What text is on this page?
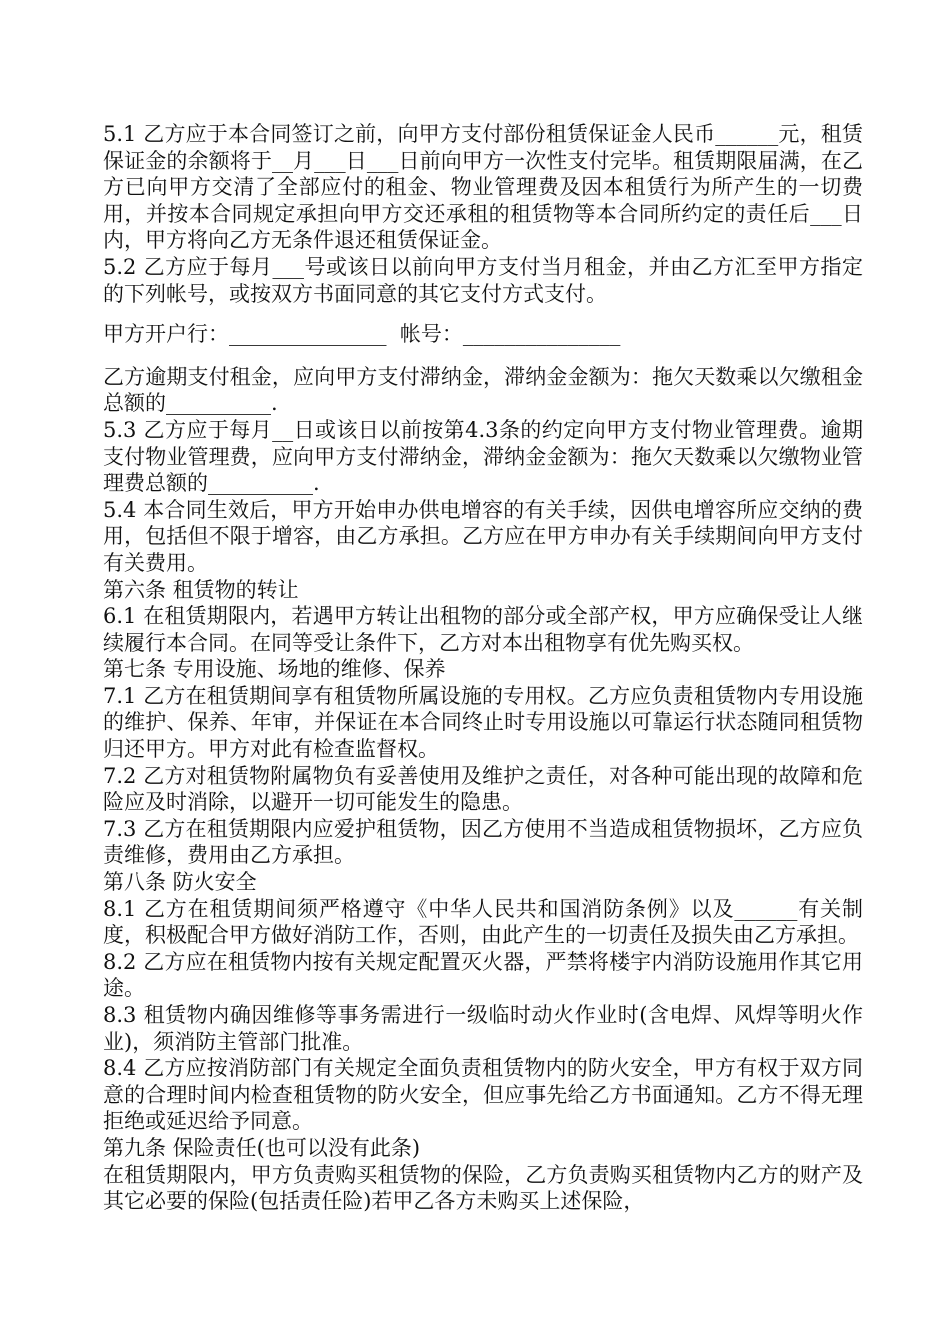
5.1 乙方应于本合同签订之前，向甲方支付部份租赁保证金人民币______元，租赁保证金的余额将于__月___日___日前向甲方一次性支付完毕。租赁期限届满，在乙方已向甲方交清了全部应付的租金、物业管理费及因本租赁行为所产生的一切费用，并按本合同规定承担向甲方交还承租的租赁物等本合同所约定的责任后___日内，甲方将向乙方无条件退还租赁保证金。

5.2 乙方应于每月___号或该日以前向甲方支付当月租金，并由乙方汇至甲方指定的下列帐号，或按双方书面同意的其它支付方式支付。

甲方开户行：_______________  帐号：_______________

乙方逾期支付租金，应向甲方支付滞纳金，滞纳金金额为：拖欠天数乘以欠缴租金总额的__________.

5.3 乙方应于每月__日或该日以前按第4.3条的约定向甲方支付物业管理费。逾期支付物业管理费，应向甲方支付滞纳金，滞纳金金额为：拖欠天数乘以欠缴物业管理费总额的__________.

5.4 本合同生效后，甲方开始申办供电增容的有关手续，因供电增容所应交纳的费用，包括但不限于增容，由乙方承担。乙方应在甲方申办有关手续期间向甲方支付有关费用。

第六条 租赁物的转让

6.1 在租赁期限内，若遇甲方转让出租物的部分或全部产权，甲方应确保受让人继续履行本合同。在同等受让条件下，乙方对本出租物享有优先购买权。

第七条 专用设施、场地的维修、保养

7.1 乙方在租赁期间享有租赁物所属设施的专用权。乙方应负责租赁物内专用设施的维护、保养、年审，并保证在本合同终止时专用设施以可靠运行状态随同租赁物归还甲方。甲方对此有检查监督权。

7.2 乙方对租赁物附属物负有妥善使用及维护之责任，对各种可能出现的故障和危险应及时消除，以避开一切可能发生的隐患。

7.3 乙方在租赁期限内应爱护租赁物，因乙方使用不当造成租赁物损坏，乙方应负责维修，费用由乙方承担。

第八条 防火安全

8.1 乙方在租赁期间须严格遵守《中华人民共和国消防条例》以及______有关制度，积极配合甲方做好消防工作，否则，由此产生的一切责任及损失由乙方承担。

8.2 乙方应在租赁物内按有关规定配置灭火器，严禁将楼宇内消防设施用作其它用途。

8.3 租赁物内确因维修等事务需进行一级临时动火作业时(含电焊、风焊等明火作业)，须消防主管部门批准。

8.4 乙方应按消防部门有关规定全面负责租赁物内的防火安全，甲方有权于双方同意的合理时间内检查租赁物的防火安全，但应事先给乙方书面通知。乙方不得无理拒绝或延迟给予同意。

第九条 保险责任(也可以没有此条)

在租赁期限内，甲方负责购买租赁物的保险，乙方负责购买租赁物内乙方的财产及其它必要的保险(包括责任险)若甲乙各方未购买上述保险，
